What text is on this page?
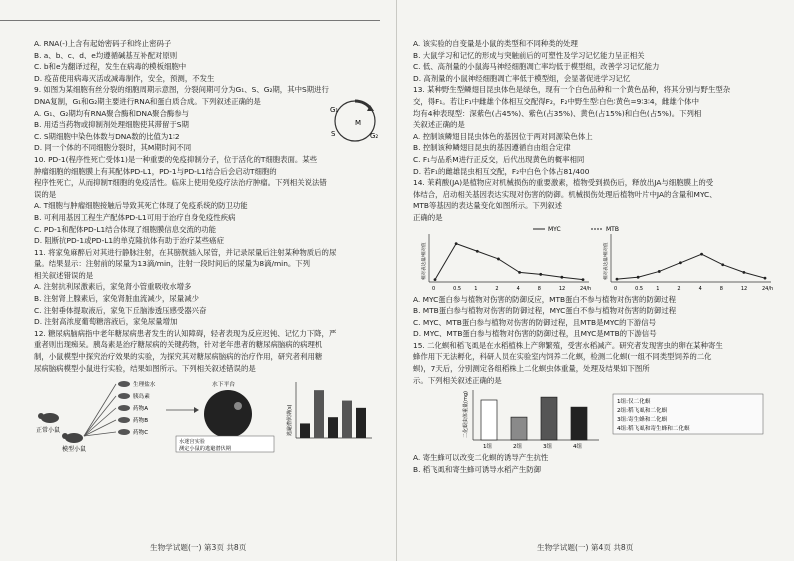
A. RNA(-)上含有起始密码子和终止密码子
B. a、b、c、d、e均遵循碱基互补配对原则
C. b和e为翻译过程，发生在病毒的模板细胞中
D. 疫苗使用病毒灭活或减毒制作，安全，预测，不发生
9. 如图为某细胞有丝分裂的细胞周期示意图，分裂间期可分为G₁、S、G₂期，其中S期进行
DNA复制，G₁和G₂期主要进行RNA和蛋白质合成。下列叙述正确的是
A. G₁、G₂期均有RNA聚合酶和DNA聚合酶参与
B. 用适当药物或抑制剂处理细胞使其滞留于S期
C. S期细胞中染色体数与DNA数的比值为1∶2
D. 同一个体的不同细胞分裂时，其M期时间不同
G₁
S	G₂
M
10. PD-1(程序性死亡受体1)是一种重要的免疫抑制分子，位于活化的T细胞表面。某些
肿瘤细胞的细胞膜上有其配体PD-L1，PD-1与PD-L1结合后会启动T细胞的
程序性死亡，从而抑制T细胞的免疫活性。临床上使用免疫疗法治疗肿瘤。下列相关说法错
误的是
A. T细胞与肿瘤细胞接触后导致其死亡体现了免疫系统的防卫功能
B. 可利用基因工程生产配体PD-L1可用于治疗自身免疫性疾病
C. PD-1和配体PD-L1结合体现了细胞膜信息交流的功能
D. 阻断抗PD-1或PD-L1的单克隆抗体有助于治疗某些癌症
11. 将家兔麻醉后对其进行静脉注射，在其膀胱插入尿管，并记录尿量后注射某种物质后的尿
量。结果显示：注射前的尿量为13滴/min，注射一段时间后的尿量为8滴/min。下列
相关叙述错误的是
A. 注射抗利尿激素后，家兔肾小管重吸收水增多
B. 注射肾上腺素后，家兔肾脏血流减少，尿量减少
C. 注射垂体提取液后，家兔下丘脑渗透压感受器兴奋
D. 注射高浓度葡萄糖溶液后，家兔尿量增加
12. 糖尿病脑病指中老年糖尿病患者发生的认知障碍，轻者表现为反应迟钝、记忆力下降，严
重者则出现痴呆。胰岛素是治疗糖尿病的关键药物，针对老年患者的糖尿病脑病的病理机
制，小鼠模型中探究治疗效果的实验，为探究其对糖尿病脑病的治疗作用，研究者利用糖
尿病脑病模型小鼠进行实验，结果如图所示。下列相关叙述错误的是
正常小鼠
模型小鼠
生理盐水
胰岛素
药物A
药物B
药物C
水下平台
水迷宫实验
测定小鼠的逃避潜伏期
逃避潜伏期(s)
生物学试题(一) 第3页 共8页
A. 该实验的自变量是小鼠的类型和不同种类的处理
B. 大鼠学习和记忆的形成与突触前后的可塑性及学习记忆能力呈正相关
C. 低、高剂量的小鼠海马神经细胞凋亡率均低于模型组，改善学习记忆能力
D. 高剂量的小鼠神经细胞凋亡率低于模型组，会显著促进学习记忆
13. 某种野生型鳞翅目昆虫体色是绿色，现有一个白色品种和一个黄色品种，将其分别与野生型杂
交，得F₁。若让F₁中雌雄个体相互交配得F₂，F₂中野生型∶白色∶黄色=9∶3∶4，雌雄个体中
均有4种表现型：深紫色(占45%)、紫色(占35%)、黄色(占15%)和白色(占5%)。下列相
关叙述正确的是
A. 控制该鳞翅目昆虫体色的基因位于两对同源染色体上
B. 控制该种鳞翅目昆虫的基因遵循自由组合定律
C. F₁与品系M进行正反交，后代出现黄色的概率相同
D. 若F₁的雌雄昆虫相互交配，F₂中白色个体占81/400
14. 茉莉酸(JA)是植物应对机械损伤的重要激素，植物受到损伤后，释放出JA与细胞膜上的受
体结合，启动相关基因表达实现对伤害的防御。机械损伤处理后植物叶片中JA的含量和MYC、
MTB等基因的表达量变化如图所示。下列叙述
正确的是
MYC	MTB
相对表达量/相对值
0	0.5	1	2	4	8	12	24/h
相对表达量/相对值
0	0.5	1	2	4	8	12	24/h
A. MYC蛋白参与植物对伤害的防御反应，MTB蛋白不参与植物对伤害的防御过程
B. MTB蛋白参与植物对伤害的防御过程，MYC蛋白不参与植物对伤害的防御过程
C. MYC、MTB蛋白参与植物对伤害的防御过程，且MTB是MYC的下游信号
D. MYC、MTB蛋白参与植物对伤害的防御过程，且MYC是MTB的下游信号
15. 二化螟和稻飞虱是在水稻植株上产卵繁殖，受害水稻减产。研究者发现害虫的卵在某种寄生
蜂作用下无法孵化，科研人员在实验室内饲养二化螟，检测二化螟(一组不同类型饲养的二化
螟)，7天后，分别测定各组稻株上二化螟虫体重量，处理及结果如下图所
示。下列相关叙述正确的是
二化螟虫体重量(mg)
1组	2组	3组	4组
1组:仅二化螟
2组:稻飞虱和二化螟
3组:寄生蜂和二化螟
4组:稻飞虱和寄生蜂和二化螟
A. 寄生蜂可以改变二化螟的诱导产生抗性
B. 稻飞虱和寄生蜂可诱导水稻产生防御
生物学试题(一) 第4页 共8页
